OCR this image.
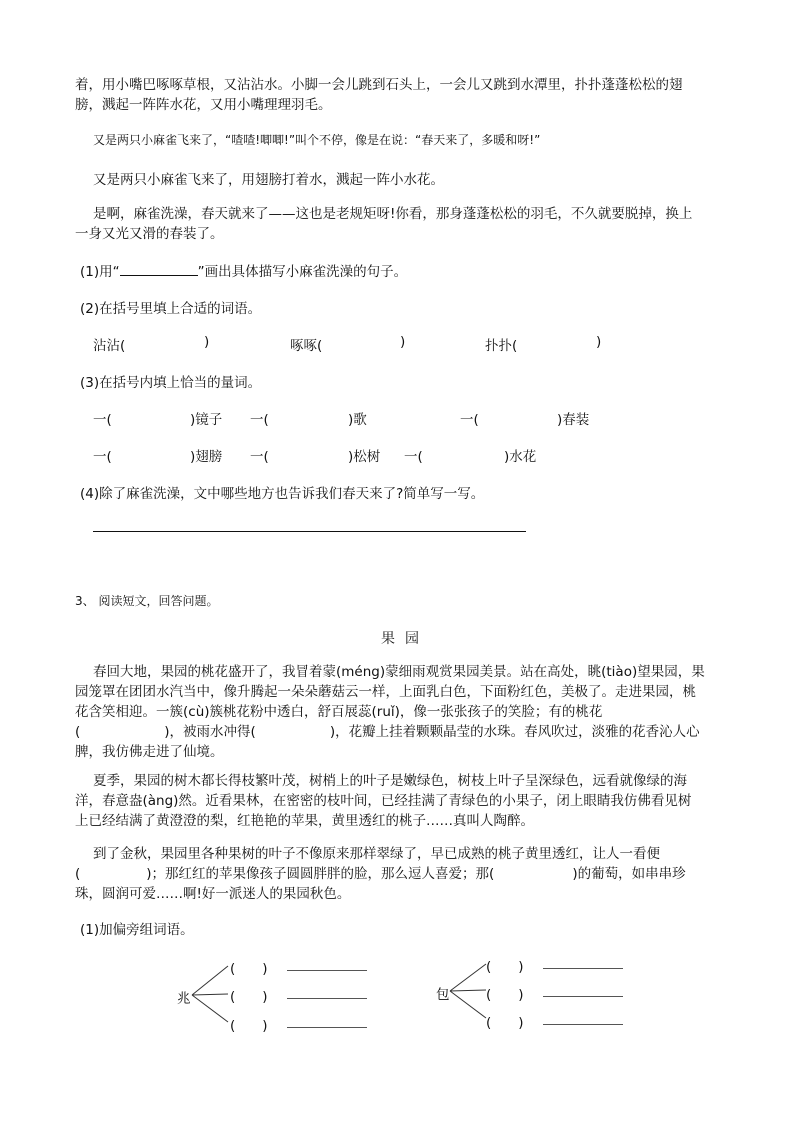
着，用小嘴巴啄啄草根，又沾沾水。小脚一会儿跳到石头上，一会儿又跳到水潭里，扑扑蓬蓬松松的翅
膀，溅起一阵阵水花，又用小嘴理理羽毛。
又是两只小麻雀飞来了，“喳喳!唧唧!”叫个不停，像是在说：“春天来了，多暖和呀!”
又是两只小麻雀飞来了，用翅膀打着水，溅起一阵小水花。
是啊，麻雀洗澡，春天就来了——这也是老规矩呀!你看，那身蓬蓬松松的羽毛，不久就要脱掉，换上
一身又光又滑的春装了。
(1)用“	”画出具体描写小麻雀洗澡的句子。
(2)在括号里填上合适的词语。
沾沾(	)	啄啄(	)	扑扑(	)
(3)在括号内填上恰当的量词。
一(	)镜子 一(	)歌	一(	)春装
一(	)翅膀 一(	)松树 一(	)水花
(4)除了麻雀洗澡，文中哪些地方也告诉我们春天来了?简单写一写。
3、 阅读短文，回答问题。
果园
春回大地，果园的桃花盛开了，我冒着蒙(méng)蒙细雨观赏果园美景。站在高处，眺(tiào)望果园，果
园笼罩在团团水汽当中，像升腾起一朵朵蘑菇云一样，上面乳白色，下面粉红色，美极了。走进果园，桃
花含笑相迎。一簇(cù)簇桃花粉中透白，舒百展蕊(ruǐ)，像一张张孩子的笑脸；有的桃花
(	)，被雨水冲得(	)，花瓣上挂着颗颗晶莹的水珠。春风吹过，淡雅的花香沁人心
脾，我仿佛走进了仙境。
夏季，果园的树木都长得枝繁叶茂，树梢上的叶子是嫩绿色，树枝上叶子呈深绿色，远看就像绿的海
洋，春意盎(àng)然。近看果林，在密密的枝叶间，已经挂满了青绿色的小果子，闭上眼睛我仿佛看见树
上已经结满了黄澄澄的梨，红艳艳的苹果，黄里透红的桃子……真叫人陶醉。
到了金秋，果园里各种果树的叶子不像原来那样翠绿了，早已成熟的桃子黄里透红，让人一看便
(	)；那红红的苹果像孩子圆圆胖胖的脸，那么逗人喜爱；那(	)的葡萄，如串串珍
珠，圆润可爱……啊!好一派迷人的果园秋色。
(1)加偏旁组词语。
兆
(　　)
(　　)
(　　)
包
(　　)
(　　)
(　　)
